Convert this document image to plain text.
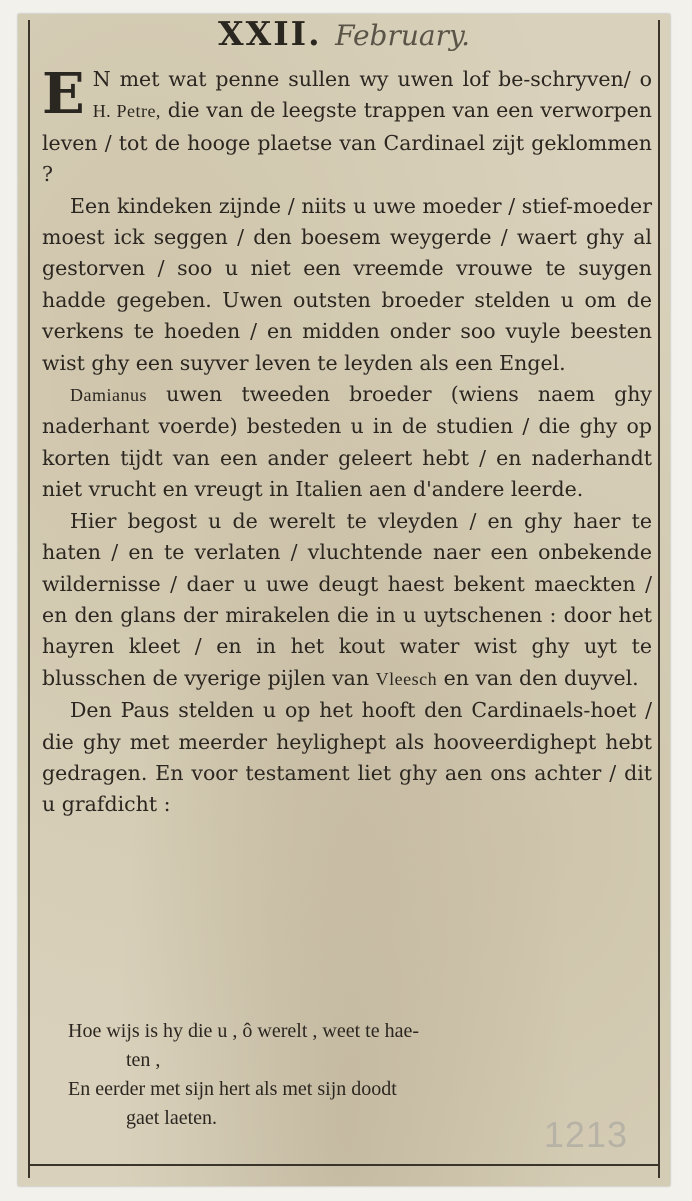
XXII. February.

E N met wat penne sullen wy uwen lof be-schryven/ o H. Petre, die van de leegste trappen van een verworpen leven / tot de hooge plaetse van Cardinael zijt geklommen ?

Een kindeken zijnde / niits u uwe moeder / stief-moeder moest ick seggen / den boesem weygerde / waert ghy al gestorven / soo u niet een vreemde vrouwe te suygen hadde gegeben. Uwen outsten broeder stelden u om de verkens te hoeden / en midden onder soo vuyle beesten wist ghy een suyver leven te leyden als een Engel.

Damianus uwen tweeden broeder (wiens naem ghy naderhant voerde) besteden u in de studien / die ghy op korten tijdt van een ander geleert hebt / en naderhandt niet vrucht en vreugt in Italien aen d'andere leerde.

Hier begost u de werelt te vleyden / en ghy haer te haten / en te verlaten / vluchtende naer een onbekende wildernisse / daer u uwe deugt haest bekent maeckten / en den glans der mirakelen die in u uytschenen : door het hayren kleet / en in het kout water wist ghy uyt te blusschen de vyerige pijlen van Vleesch en van den duyvel.

Den Paus stelden u op het hooft den Cardinaels-hoet / die ghy met meerder heylighept als hooveerdighept hebt gedragen. En voor testament liet ghy aen ons achter / dit u grafdicht :

Hoe wijs is hy die u , ô werelt , weet te hae-

ten ,

En eerder met sijn hert als met sijn doodt

gaet laeten.	1213
